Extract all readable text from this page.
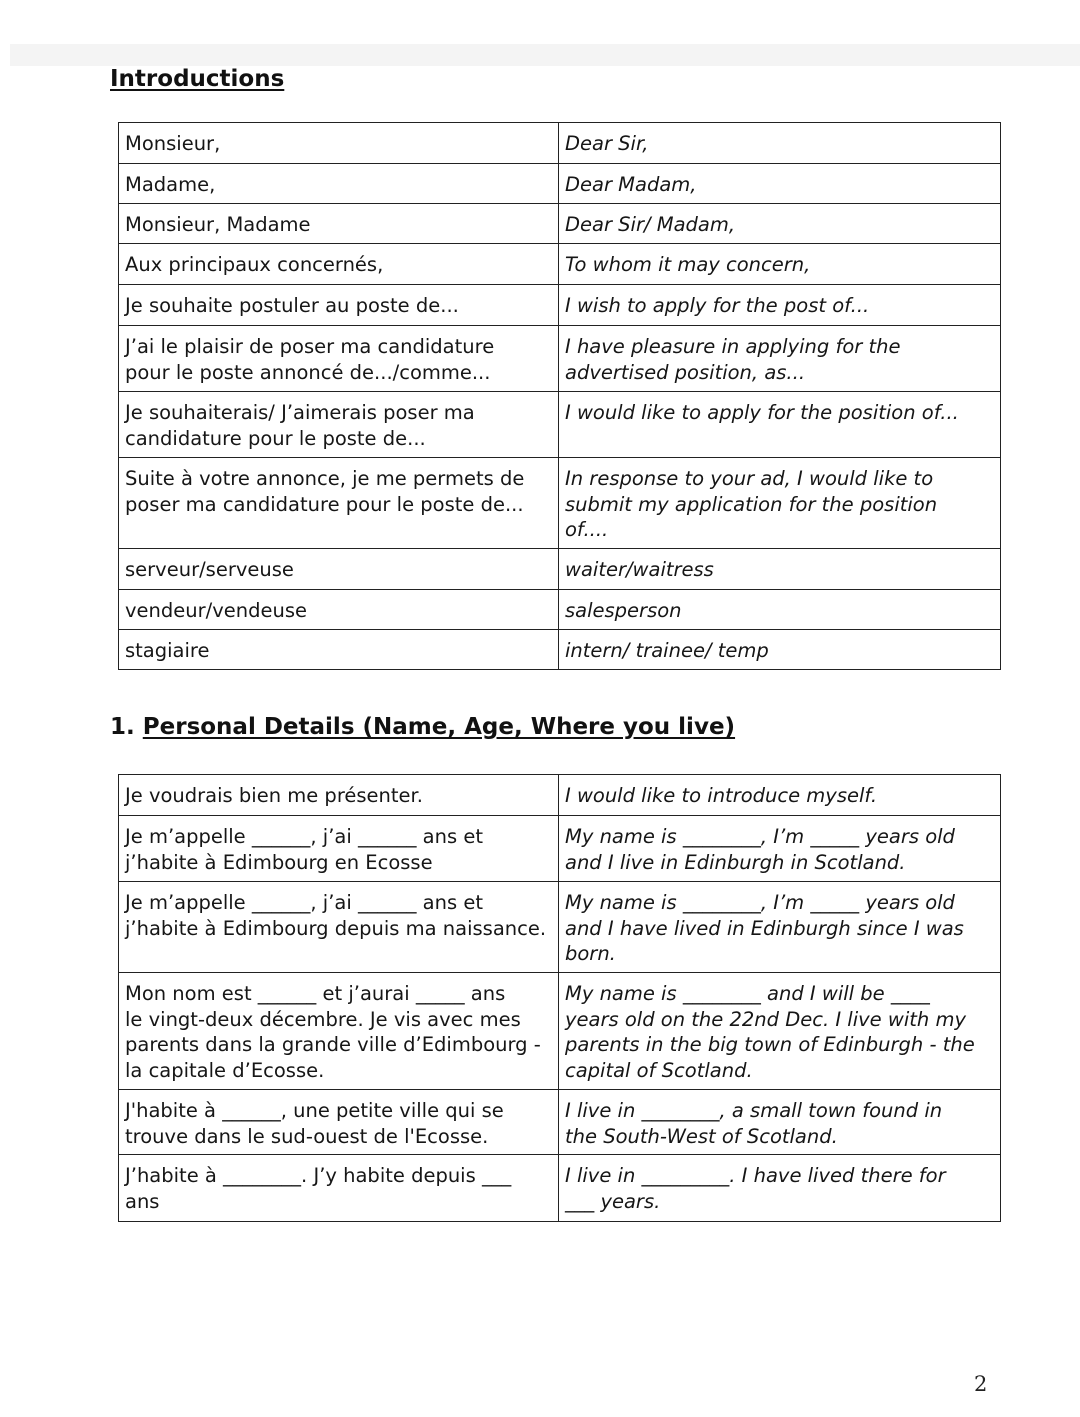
Introductions
Monsieur,	Dear Sir,

Madame,	Dear Madam,

Monsieur, Madame	Dear Sir/ Madam,

Aux principaux concernés,	To whom it may concern,

Je souhaite postuler au poste de...	I wish to apply for the post of...

J’ai le plaisir de poser ma candidature
pour le poste annoncé de.../comme...	I have pleasure in applying for the
advertised position, as...

Je souhaiterais/ J’aimerais poser ma
candidature pour le poste de...	I would like to apply for the position of...

Suite à votre annonce, je me permets de
poser ma candidature pour le poste de...	In response to your ad, I would like to
submit my application for the position
of....

serveur/serveuse	waiter/waitress

vendeur/vendeuse	salesperson

stagiaire	intern/ trainee/ temp
1. Personal Details (Name, Age, Where you live)
Je voudrais bien me présenter.	I would like to introduce myself.

Je m’appelle ______, j’ai ______ ans et
j’habite à Edimbourg en Ecosse	My name is ________, I’m _____ years old
and I live in Edinburgh in Scotland.

Je m’appelle ______, j’ai ______ ans et
j’habite à Edimbourg depuis ma naissance.	My name is ________, I’m _____ years old
and I have lived in Edinburgh since I was
born.

Mon nom est ______ et j’aurai _____ ans
le vingt-deux décembre. Je vis avec mes
parents dans la grande ville d’Edimbourg -
la capitale d’Ecosse.	My name is ________ and I will be ____
years old on the 22nd Dec. I live with my
parents in the big town of Edinburgh - the
capital of Scotland.

J'habite à ______, une petite ville qui se
trouve dans le sud-ouest de l'Ecosse.	I live in ________, a small town found in
the South-West of Scotland.

J’habite à ________. J’y habite depuis ___
ans	I live in _________. I have lived there for
___ years.
2
